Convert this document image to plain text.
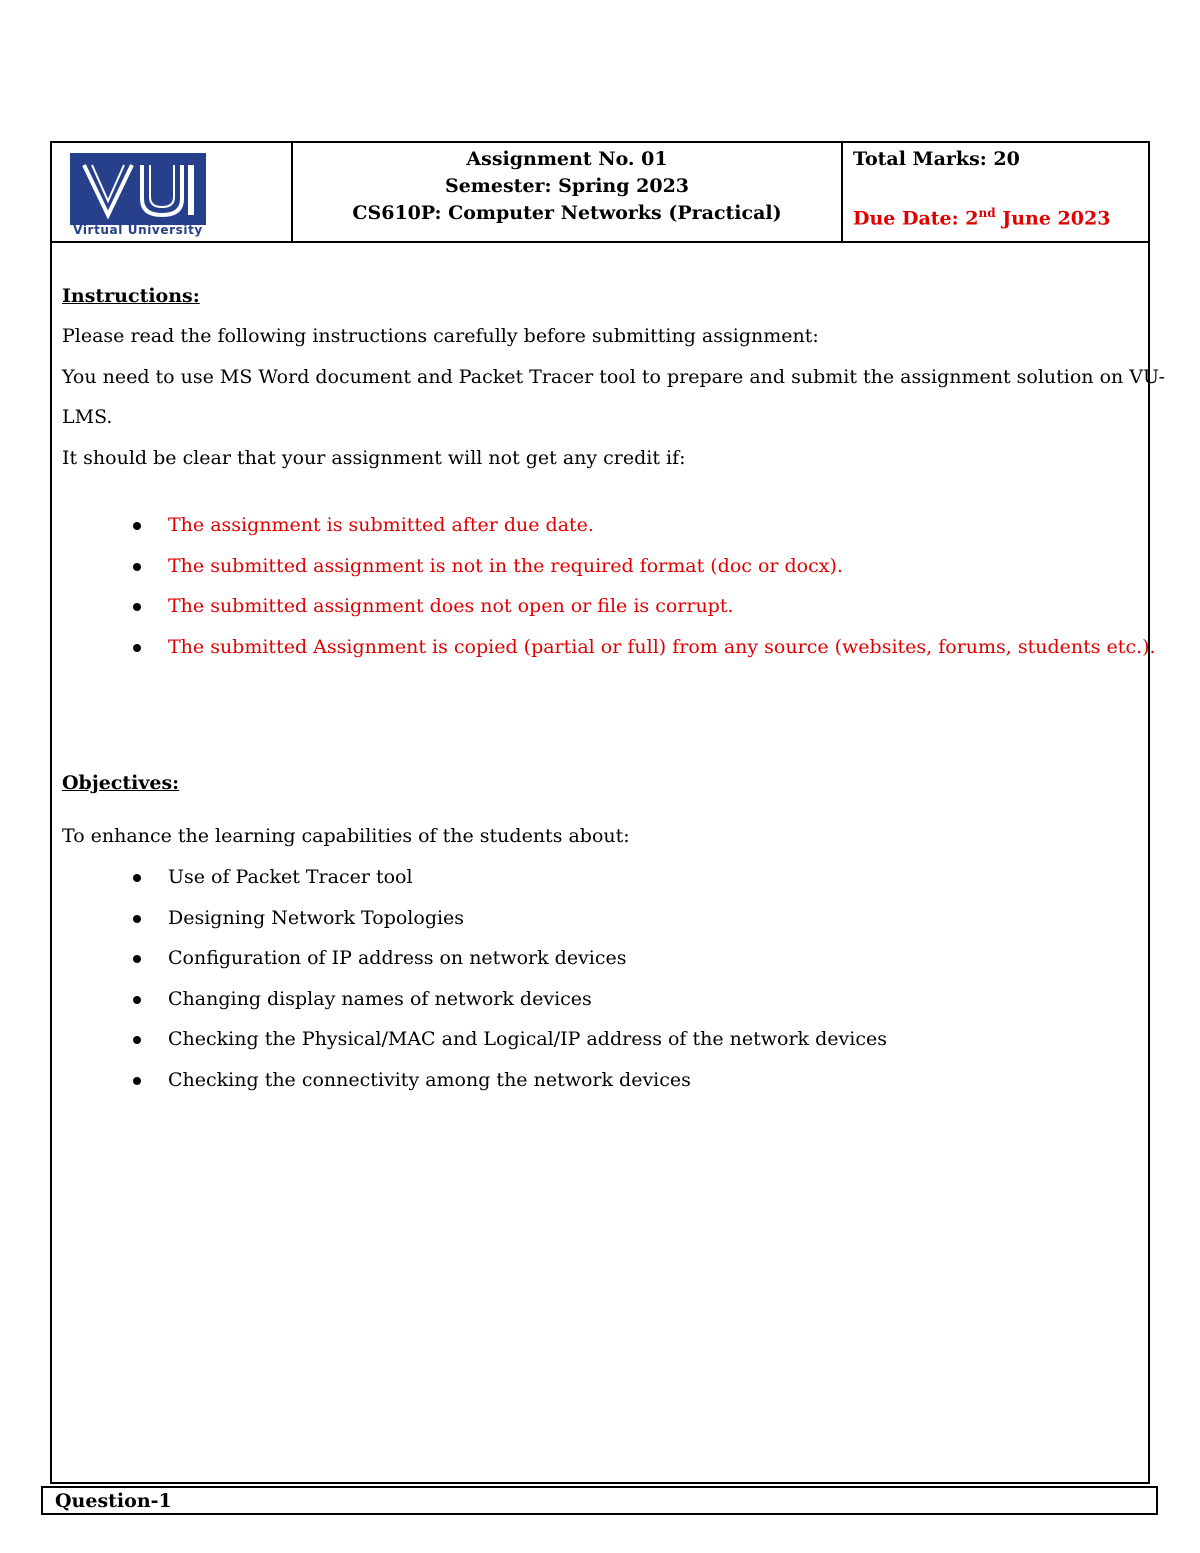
Virtual University
Assignment No. 01
Semester: Spring 2023
CS610P: Computer Networks (Practical)
Total Marks: 20
Due Date: 2nd June 2023
Instructions:
Please read the following instructions carefully before submitting assignment:
You need to use MS Word document and Packet Tracer tool to prepare and submit the assignment solution on VU-
LMS.
It should be clear that your assignment will not get any credit if:
The assignment is submitted after due date.
The submitted assignment is not in the required format (doc or docx).
The submitted assignment does not open or file is corrupt.
The submitted Assignment is copied (partial or full) from any source (websites, forums, students etc.).
Objectives:
To enhance the learning capabilities of the students about:
Use of Packet Tracer tool
Designing Network Topologies
Configuration of IP address on network devices
Changing display names of network devices
Checking the Physical/MAC and Logical/IP address of the network devices
Checking the connectivity among the network devices
Question-1
